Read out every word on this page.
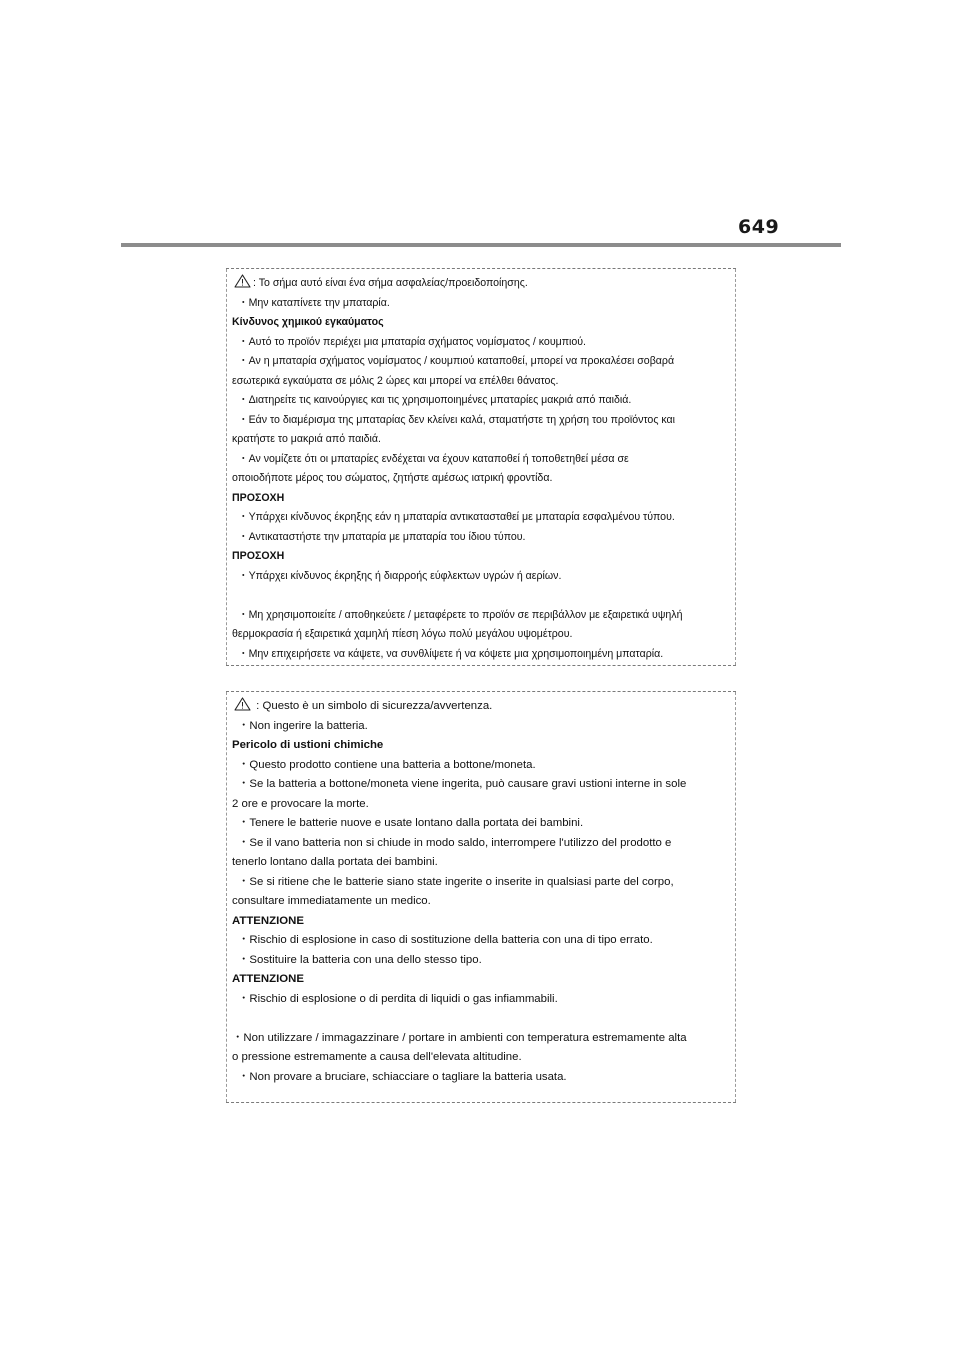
649
: Το σήμα αυτό είναι ένα σήμα ασφαλείας/προειδοποίησης.
・Μην καταπίνετε την μπαταρία.
Κίνδυνος χημικού εγκαύματος
・Αυτό το προϊόν περιέχει μια μπαταρία σχήματος νομίσματος / κουμπιού.
・Αν η μπαταρία σχήματος νομίσματος / κουμπιού καταποθεί, μπορεί να προκαλέσει σοβαρά
εσωτερικά εγκαύματα σε μόλις 2 ώρες και μπορεί να επέλθει θάνατος.
・Διατηρείτε τις καινούργιες και τις χρησιμοποιημένες μπαταρίες μακριά από παιδιά.
・Εάν το διαμέρισμα της μπαταρίας δεν κλείνει καλά, σταματήστε τη χρήση του προϊόντος και
κρατήστε το μακριά από παιδιά.
・Αν νομίζετε ότι οι μπαταρίες ενδέχεται να έχουν καταποθεί ή τοποθετηθεί μέσα σε
οποιοδήποτε μέρος του σώματος, ζητήστε αμέσως ιατρική φροντίδα.
ΠΡΟΣΟΧΗ
・Υπάρχει κίνδυνος έκρηξης εάν η μπαταρία αντικατασταθεί με μπαταρία εσφαλμένου τύπου.
・Αντικαταστήστε την μπαταρία με μπαταρία του ίδιου τύπου.
ΠΡΟΣΟΧΗ
・Υπάρχει κίνδυνος έκρηξης ή διαρροής εύφλεκτων υγρών ή αερίων.
・Μη χρησιμοποιείτε / αποθηκεύετε / μεταφέρετε το προϊόν σε περιβάλλον με εξαιρετικά υψηλή
θερμοκρασία ή εξαιρετικά χαμηλή πίεση λόγω πολύ μεγάλου υψομέτρου.
・Μην επιχειρήσετε να κάψετε, να συνθλίψετε ή να κόψετε μια χρησιμοποιημένη μπαταρία.
: Questo è un simbolo di sicurezza/avvertenza.
・Non ingerire la batteria.
Pericolo di ustioni chimiche
・Questo prodotto contiene una batteria a bottone/moneta.
・Se la batteria a bottone/moneta viene ingerita, può causare gravi ustioni interne in sole
2 ore e provocare la morte.
・Tenere le batterie nuove e usate lontano dalla portata dei bambini.
・Se il vano batteria non si chiude in modo saldo, interrompere l'utilizzo del prodotto e
tenerlo lontano dalla portata dei bambini.
・Se si ritiene che le batterie siano state ingerite o inserite in qualsiasi parte del corpo,
consultare immediatamente un medico.
ATTENZIONE
・Rischio di esplosione in caso di sostituzione della batteria con una di tipo errato.
・Sostituire la batteria con una dello stesso tipo.
ATTENZIONE
・Rischio di esplosione o di perdita di liquidi o gas infiammabili.
・Non utilizzare / immagazzinare / portare in ambienti con temperatura estremamente alta
o pressione estremamente a causa dell'elevata altitudine.
・Non provare a bruciare, schiacciare o tagliare la batteria usata.
